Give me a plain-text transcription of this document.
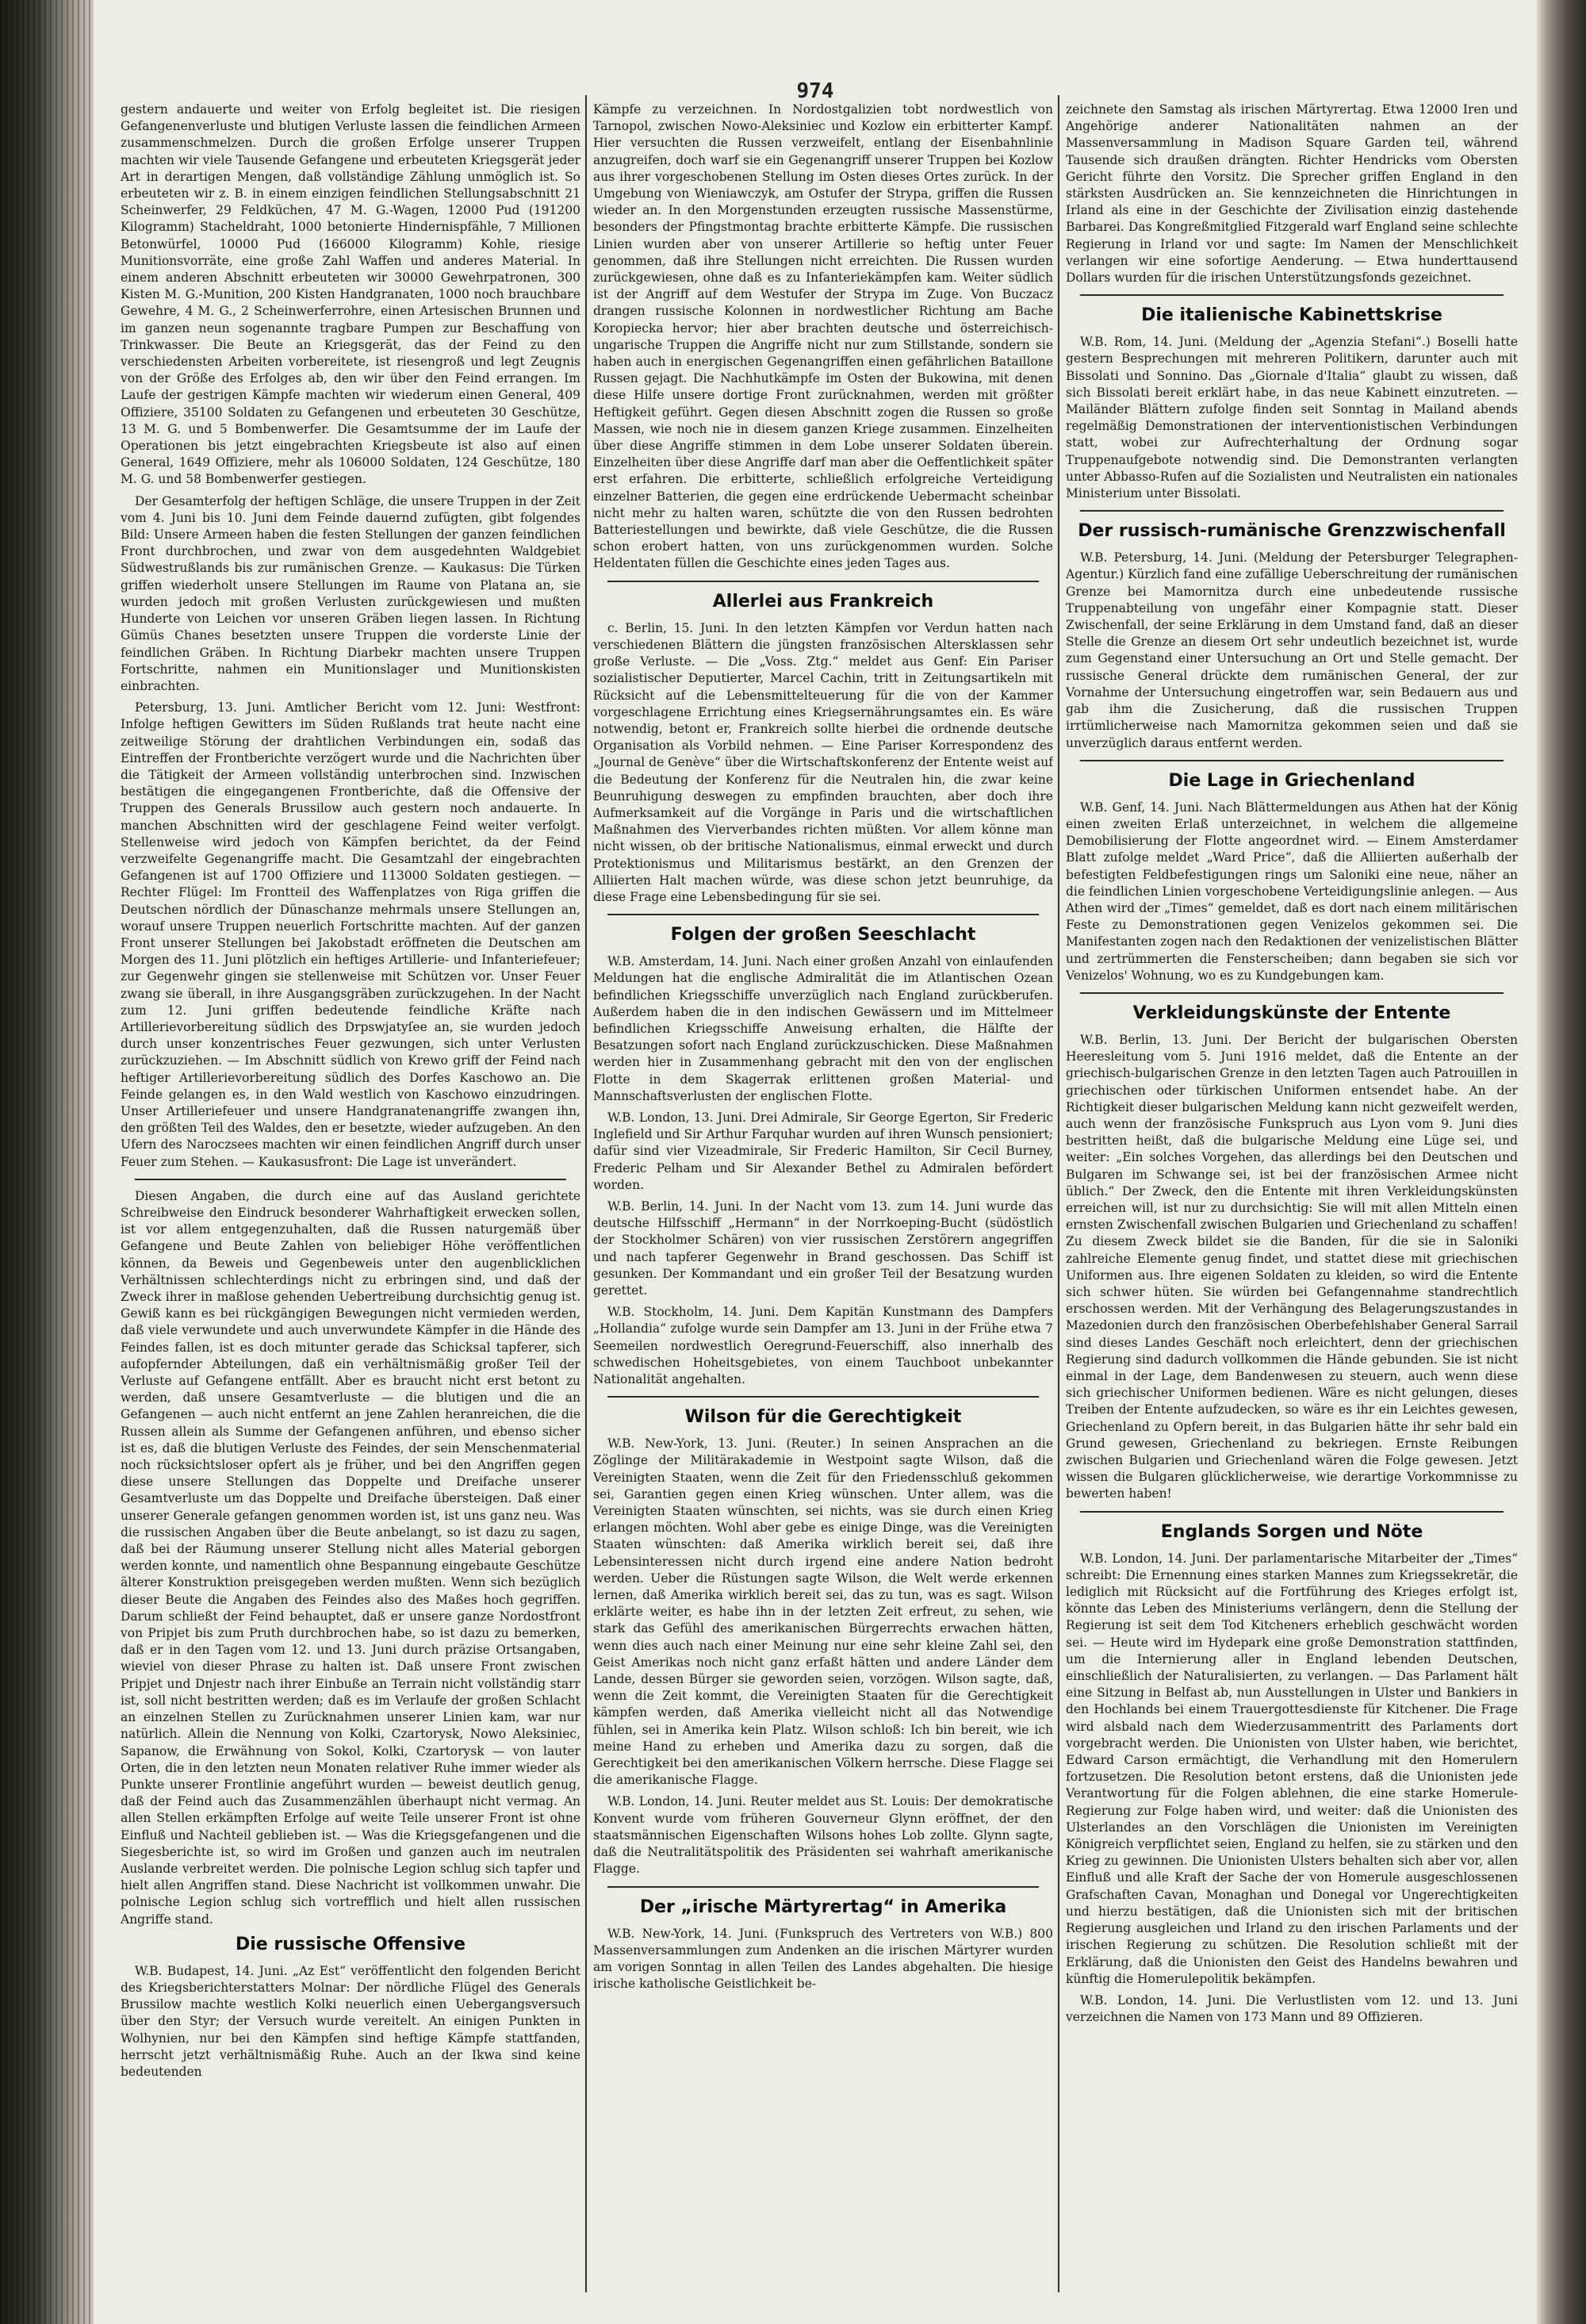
974

gestern andauerte und weiter von Erfolg begleitet ist. Die riesigen Gefangenenverluste und blutigen Verluste lassen die feindlichen Armeen zusammenschmelzen. Durch die großen Erfolge unserer Truppen machten wir viele Tausende Gefangene und erbeuteten Kriegsgerät jeder Art in derartigen Mengen, daß vollständige Zählung unmöglich ist. So erbeuteten wir z. B. in einem einzigen feindlichen Stellungsabschnitt 21 Scheinwerfer, 29 Feldküchen, 47 M. G.-Wagen, 12000 Pud (191200 Kilogramm) Stacheldraht, 1000 betonierte Hindernispfähle, 7 Millionen Betonwürfel, 10000 Pud (166000 Kilogramm) Kohle, riesige Munitionsvorräte, eine große Zahl Waffen und anderes Material. In einem anderen Abschnitt erbeuteten wir 30000 Gewehrpatronen, 300 Kisten M. G.-Munition, 200 Kisten Handgranaten, 1000 noch brauchbare Gewehre, 4 M. G., 2 Scheinwerferrohre, einen Artesischen Brunnen und im ganzen neun sogenannte tragbare Pumpen zur Beschaffung von Trinkwasser. Die Beute an Kriegsgerät, das der Feind zu den verschiedensten Arbeiten vorbereitete, ist riesengroß und legt Zeugnis von der Größe des Erfolges ab, den wir über den Feind errangen. Im Laufe der gestrigen Kämpfe machten wir wiederum einen General, 409 Offiziere, 35100 Soldaten zu Gefangenen und erbeuteten 30 Geschütze, 13 M. G. und 5 Bombenwerfer. Die Gesamtsumme der im Laufe der Operationen bis jetzt eingebrachten Kriegsbeute ist also auf einen General, 1649 Offiziere, mehr als 106000 Soldaten, 124 Geschütze, 180 M. G. und 58 Bombenwerfer gestiegen.

Der Gesamterfolg der heftigen Schläge, die unsere Truppen in der Zeit vom 4. Juni bis 10. Juni dem Feinde dauernd zufügten, gibt folgendes Bild: Unsere Armeen haben die festen Stellungen der ganzen feindlichen Front durchbrochen, und zwar von dem ausgedehnten Waldgebiet Südwestrußlands bis zur rumänischen Grenze. — Kaukasus: Die Türken griffen wiederholt unsere Stellungen im Raume von Platana an, sie wurden jedoch mit großen Verlusten zurückgewiesen und mußten Hunderte von Leichen vor unseren Gräben liegen lassen. In Richtung Gümüs Chanes besetzten unsere Truppen die vorderste Linie der feindlichen Gräben. In Richtung Diarbekr machten unsere Truppen Fortschritte, nahmen ein Munitionslager und Munitionskisten einbrachten.

Petersburg, 13. Juni. Amtlicher Bericht vom 12. Juni: Westfront: Infolge heftigen Gewitters im Süden Rußlands trat heute nacht eine zeitweilige Störung der drahtlichen Verbindungen ein, sodaß das Eintreffen der Frontberichte verzögert wurde und die Nachrichten über die Tätigkeit der Armeen vollständig unterbrochen sind. Inzwischen bestätigen die eingegangenen Frontberichte, daß die Offensive der Truppen des Generals Brussilow auch gestern noch andauerte. In manchen Abschnitten wird der geschlagene Feind weiter verfolgt. Stellenweise wird jedoch von Kämpfen berichtet, da der Feind verzweifelte Gegenangriffe macht. Die Gesamtzahl der eingebrachten Gefangenen ist auf 1700 Offiziere und 113000 Soldaten gestiegen. — Rechter Flügel: Im Frontteil des Waffenplatzes von Riga griffen die Deutschen nördlich der Dünaschanze mehrmals unsere Stellungen an, worauf unsere Truppen neuerlich Fortschritte machten. Auf der ganzen Front unserer Stellungen bei Jakobstadt eröffneten die Deutschen am Morgen des 11. Juni plötzlich ein heftiges Artillerie- und Infanteriefeuer; zur Gegenwehr gingen sie stellenweise mit Schützen vor. Unser Feuer zwang sie überall, in ihre Ausgangsgräben zurückzugehen. In der Nacht zum 12. Juni griffen bedeutende feindliche Kräfte nach Artillerievorbereitung südlich des Drpswjatyſee an, sie wurden jedoch durch unser konzentrisches Feuer gezwungen, sich unter Verlusten zurückzuziehen. — Im Abschnitt südlich von Krewo griff der Feind nach heftiger Artillerievorbereitung südlich des Dorfes Kaschowo an. Die Feinde gelangen es, in den Wald westlich von Kaschowo einzudringen. Unser Artilleriefeuer und unsere Handgranatenangriffe zwangen ihn, den größten Teil des Waldes, den er besetzte, wieder aufzugeben. An den Ufern des Naroczsees machten wir einen feindlichen Angriff durch unser Feuer zum Stehen. — Kaukasusfront: Die Lage ist unverändert.

Diesen Angaben, die durch eine auf das Ausland gerichtete Schreibweise den Eindruck besonderer Wahrhaftigkeit erwecken sollen, ist vor allem entgegenzuhalten, daß die Russen naturgemäß über Gefangene und Beute Zahlen von beliebiger Höhe veröffentlichen können, da Beweis und Gegenbeweis unter den augenblicklichen Verhältnissen schlechterdings nicht zu erbringen sind, und daß der Zweck ihrer in maßlose gehenden Uebertreibung durchsichtig genug ist. Gewiß kann es bei rückgängigen Bewegungen nicht vermieden werden, daß viele verwundete und auch unverwundete Kämpfer in die Hände des Feindes fallen, ist es doch mitunter gerade das Schicksal tapferer, sich aufopfernder Abteilungen, daß ein verhältnismäßig großer Teil der Verluste auf Gefangene entfällt. Aber es braucht nicht erst betont zu werden, daß unsere Gesamtverluste — die blutigen und die an Gefangenen — auch nicht entfernt an jene Zahlen heranreichen, die die Russen allein als Summe der Gefangenen anführen, und ebenso sicher ist es, daß die blutigen Verluste des Feindes, der sein Menschenmaterial noch rücksichtsloser opfert als je früher, und bei den Angriffen gegen diese unsere Stellungen das Doppelte und Dreifache unserer Gesamtverluste um das Doppelte und Dreifache übersteigen. Daß einer unserer Generale gefangen genommen worden ist, ist uns ganz neu. Was die russischen Angaben über die Beute anbelangt, so ist dazu zu sagen, daß bei der Räumung unserer Stellung nicht alles Material geborgen werden konnte, und namentlich ohne Bespannung eingebaute Geschütze älterer Konstruktion preisgegeben werden mußten. Wenn sich bezüglich dieser Beute die Angaben des Feindes also des Maßes hoch gegriffen. Darum schließt der Feind behauptet, daß er unsere ganze Nordostfront von Pripjet bis zum Pruth durchbrochen habe, so ist dazu zu bemerken, daß er in den Tagen vom 12. und 13. Juni durch präzise Ortsangaben, wieviel von dieser Phrase zu halten ist. Daß unsere Front zwischen Pripjet und Dnjestr nach ihrer Einbuße an Terrain nicht vollständig starr ist, soll nicht bestritten werden; daß es im Verlaufe der großen Schlacht an einzelnen Stellen zu Zurücknahmen unserer Linien kam, war nur natürlich. Allein die Nennung von Kolki, Czartorysk, Nowo Aleksiniec, Sapanow, die Erwähnung von Sokol, Kolki, Czartorysk — von lauter Orten, die in den letzten neun Monaten relativer Ruhe immer wieder als Punkte unserer Frontlinie angeführt wurden — beweist deutlich genug, daß der Feind auch das Zusammenzählen überhaupt nicht vermag. An allen Stellen erkämpften Erfolge auf weite Teile unserer Front ist ohne Einfluß und Nachteil geblieben ist. — Was die Kriegsgefangenen und die Siegesberichte ist, so wird im Großen und ganzen auch im neutralen Auslande verbreitet werden. Die polnische Legion schlug sich tapfer und hielt allen Angriffen stand. Diese Nachricht ist vollkommen unwahr. Die polnische Legion schlug sich vortrefflich und hielt allen russischen Angriffe stand.

Die russische Offensive

W.B. Budapest, 14. Juni. „Az Est“ veröffentlicht den folgenden Bericht des Kriegsberichterstatters Molnar: Der nördliche Flügel des Generals Brussilow machte westlich Kolki neuerlich einen Uebergangsversuch über den Styr; der Versuch wurde vereitelt. An einigen Punkten in Wolhynien, nur bei den Kämpfen sind heftige Kämpfe stattfanden, herrscht jetzt verhältnismäßig Ruhe. Auch an der Ikwa sind keine bedeutenden

Kämpfe zu verzeichnen. In Nordostgalizien tobt nordwestlich von Tarnopol, zwischen Nowo-Aleksiniec und Kozlow ein erbitterter Kampf. Hier versuchten die Russen verzweifelt, entlang der Eisenbahnlinie anzugreifen, doch warf sie ein Gegenangriff unserer Truppen bei Kozlow aus ihrer vorgeschobenen Stellung im Osten dieses Ortes zurück. In der Umgebung von Wieniawczyk, am Ostufer der Strypa, griffen die Russen wieder an. In den Morgenstunden erzeugten russische Massenstürme, besonders der Pfingstmontag brachte erbitterte Kämpfe. Die russischen Linien wurden aber von unserer Artillerie so heftig unter Feuer genommen, daß ihre Stellungen nicht erreichten. Die Russen wurden zurückgewiesen, ohne daß es zu Infanteriekämpfen kam. Weiter südlich ist der Angriff auf dem Westufer der Strypa im Zuge. Von Buczacz drangen russische Kolonnen in nordwestlicher Richtung am Bache Koropiecka hervor; hier aber brachten deutsche und österreichisch-ungarische Truppen die Angriffe nicht nur zum Stillstande, sondern sie haben auch in energischen Gegenangriffen einen gefährlichen Bataillone Russen gejagt. Die Nachhutkämpfe im Osten der Bukowina, mit denen diese Hilfe unsere dortige Front zurücknahmen, werden mit größter Heftigkeit geführt. Gegen diesen Abschnitt zogen die Russen so große Massen, wie noch nie in diesem ganzen Kriege zusammen. Einzelheiten über diese Angriffe stimmen in dem Lobe unserer Soldaten überein. Einzelheiten über diese Angriffe darf man aber die Oeffentlichkeit später erst erfahren. Die erbitterte, schließlich erfolgreiche Verteidigung einzelner Batterien, die gegen eine erdrückende Uebermacht scheinbar nicht mehr zu halten waren, schützte die von den Russen bedrohten Batteriestellungen und bewirkte, daß viele Geschütze, die die Russen schon erobert hatten, von uns zurückgenommen wurden. Solche Heldentaten füllen die Geschichte eines jeden Tages aus.

Allerlei aus Frankreich

c. Berlin, 15. Juni. In den letzten Kämpfen vor Verdun hatten nach verschiedenen Blättern die jüngsten französischen Altersklassen sehr große Verluste. — Die „Voss. Ztg.“ meldet aus Genf: Ein Pariser sozialistischer Deputierter, Marcel Cachin, tritt in Zeitungsartikeln mit Rücksicht auf die Lebensmittelteuerung für die von der Kammer vorgeschlagene Errichtung eines Kriegsernährungsamtes ein. Es wäre notwendig, betont er, Frankreich sollte hierbei die ordnende deutsche Organisation als Vorbild nehmen. — Eine Pariser Korrespondenz des „Journal de Genève“ über die Wirtschaftskonferenz der Entente weist auf die Bedeutung der Konferenz für die Neutralen hin, die zwar keine Beunruhigung deswegen zu empfinden brauchten, aber doch ihre Aufmerksamkeit auf die Vorgänge in Paris und die wirtschaftlichen Maßnahmen des Vierverbandes richten müßten. Vor allem könne man nicht wissen, ob der britische Nationalismus, einmal erweckt und durch Protektionismus und Militarismus bestärkt, an den Grenzen der Alliierten Halt machen würde, was diese schon jetzt beunruhige, da diese Frage eine Lebensbedingung für sie sei.

Folgen der großen Seeschlacht

W.B. Amsterdam, 14. Juni. Nach einer großen Anzahl von einlaufenden Meldungen hat die englische Admiralität die im Atlantischen Ozean befindlichen Kriegsschiffe unverzüglich nach England zurückberufen. Außerdem haben die in den indischen Gewässern und im Mittelmeer befindlichen Kriegsschiffe Anweisung erhalten, die Hälfte der Besatzungen sofort nach England zurückzuschicken. Diese Maßnahmen werden hier in Zusammenhang gebracht mit den von der englischen Flotte in dem Skagerrak erlittenen großen Material- und Mannschaftsverlusten der englischen Flotte.

W.B. London, 13. Juni. Drei Admirale, Sir George Egerton, Sir Frederic Inglefield und Sir Arthur Farquhar wurden auf ihren Wunsch pensioniert; dafür sind vier Vizeadmirale, Sir Frederic Hamilton, Sir Cecil Burney, Frederic Pelham und Sir Alexander Bethel zu Admiralen befördert worden.

W.B. Berlin, 14. Juni. In der Nacht vom 13. zum 14. Juni wurde das deutsche Hilfsschiff „Hermann“ in der Norrkoeping-Bucht (südöstlich der Stockholmer Schären) von vier russischen Zerstörern angegriffen und nach tapferer Gegenwehr in Brand geschossen. Das Schiff ist gesunken. Der Kommandant und ein großer Teil der Besatzung wurden gerettet.

W.B. Stockholm, 14. Juni. Dem Kapitän Kunstmann des Dampfers „Hollandia“ zufolge wurde sein Dampfer am 13. Juni in der Frühe etwa 7 Seemeilen nordwestlich Oeregrund-Feuerschiff, also innerhalb des schwedischen Hoheitsgebietes, von einem Tauchboot unbekannter Nationalität angehalten.

Wilson für die Gerechtigkeit

W.B. New-York, 13. Juni. (Reuter.) In seinen Ansprachen an die Zöglinge der Militärakademie in Westpoint sagte Wilson, daß die Vereinigten Staaten, wenn die Zeit für den Friedensschluß gekommen sei, Garantien gegen einen Krieg wünschen. Unter allem, was die Vereinigten Staaten wünschten, sei nichts, was sie durch einen Krieg erlangen möchten. Wohl aber gebe es einige Dinge, was die Vereinigten Staaten wünschten: daß Amerika wirklich bereit sei, daß ihre Lebensinteressen nicht durch irgend eine andere Nation bedroht werden. Ueber die Rüstungen sagte Wilson, die Welt werde erkennen lernen, daß Amerika wirklich bereit sei, das zu tun, was es sagt. Wilson erklärte weiter, es habe ihn in der letzten Zeit erfreut, zu sehen, wie stark das Gefühl des amerikanischen Bürgerrechts erwachen hätten, wenn dies auch nach einer Meinung nur eine sehr kleine Zahl sei, den Geist Amerikas noch nicht ganz erfaßt hätten und andere Länder dem Lande, dessen Bürger sie geworden seien, vorzögen. Wilson sagte, daß, wenn die Zeit kommt, die Vereinigten Staaten für die Gerechtigkeit kämpfen werden, daß Amerika vielleicht nicht all das Notwendige fühlen, sei in Amerika kein Platz. Wilson schloß: Ich bin bereit, wie ich meine Hand zu erheben und Amerika dazu zu sorgen, daß die Gerechtigkeit bei den amerikanischen Völkern herrsche. Diese Flagge sei die amerikanische Flagge.

W.B. London, 14. Juni. Reuter meldet aus St. Louis: Der demokratische Konvent wurde vom früheren Gouverneur Glynn eröffnet, der den staatsmännischen Eigenschaften Wilsons hohes Lob zollte. Glynn sagte, daß die Neutralitätspolitik des Präsidenten sei wahrhaft amerikanische Flagge.

Der „irische Märtyrertag“ in Amerika

W.B. New-York, 14. Juni. (Funkspruch des Vertreters von W.B.) 800 Massenversammlungen zum Andenken an die irischen Märtyrer wurden am vorigen Sonntag in allen Teilen des Landes abgehalten. Die hiesige irische katholische Geistlichkeit be-

zeichnete den Samstag als irischen Märtyrertag. Etwa 12000 Iren und Angehörige anderer Nationalitäten nahmen an der Massenversammlung in Madison Square Garden teil, während Tausende sich draußen drängten. Richter Hendricks vom Obersten Gericht führte den Vorsitz. Die Sprecher griffen England in den stärksten Ausdrücken an. Sie kennzeichneten die Hinrichtungen in Irland als eine in der Geschichte der Zivilisation einzig dastehende Barbarei. Das Kongreßmitglied Fitzgerald warf England seine schlechte Regierung in Irland vor und sagte: Im Namen der Menschlichkeit verlangen wir eine sofortige Aenderung. — Etwa hunderttausend Dollars wurden für die irischen Unterstützungsfonds gezeichnet.

Die italienische Kabinettskrise

W.B. Rom, 14. Juni. (Meldung der „Agenzia Stefani“.) Boselli hatte gestern Besprechungen mit mehreren Politikern, darunter auch mit Bissolati und Sonnino. Das „Giornale d'Italia“ glaubt zu wissen, daß sich Bissolati bereit erklärt habe, in das neue Kabinett einzutreten. — Mailänder Blättern zufolge finden seit Sonntag in Mailand abends regelmäßig Demonstrationen der interventionistischen Verbindungen statt, wobei zur Aufrechterhaltung der Ordnung sogar Truppenaufgebote notwendig sind. Die Demonstranten verlangten unter Abbasso-Rufen auf die Sozialisten und Neutralisten ein nationales Ministerium unter Bissolati.

Der russisch-rumänische Grenzzwischenfall

W.B. Petersburg, 14. Juni. (Meldung der Petersburger Telegraphen-Agentur.) Kürzlich fand eine zufällige Ueberschreitung der rumänischen Grenze bei Mamornitza durch eine unbedeutende russische Truppenabteilung von ungefähr einer Kompagnie statt. Dieser Zwischenfall, der seine Erklärung in dem Umstand fand, daß an dieser Stelle die Grenze an diesem Ort sehr undeutlich bezeichnet ist, wurde zum Gegenstand einer Untersuchung an Ort und Stelle gemacht. Der russische General drückte dem rumänischen General, der zur Vornahme der Untersuchung eingetroffen war, sein Bedauern aus und gab ihm die Zusicherung, daß die russischen Truppen irrtümlicherweise nach Mamornitza gekommen seien und daß sie unverzüglich daraus entfernt werden.

Die Lage in Griechenland

W.B. Genf, 14. Juni. Nach Blättermeldungen aus Athen hat der König einen zweiten Erlaß unterzeichnet, in welchem die allgemeine Demobilisierung der Flotte angeordnet wird. — Einem Amsterdamer Blatt zufolge meldet „Ward Price“, daß die Alliierten außerhalb der befestigten Feldbefestigungen rings um Saloniki eine neue, näher an die feindlichen Linien vorgeschobene Verteidigungslinie anlegen. — Aus Athen wird der „Times“ gemeldet, daß es dort nach einem militärischen Feste zu Demonstrationen gegen Venizelos gekommen sei. Die Manifestanten zogen nach den Redaktionen der venizelistischen Blätter und zertrümmerten die Fensterscheiben; dann begaben sie sich vor Venizelos' Wohnung, wo es zu Kundgebungen kam.

Verkleidungskünste der Entente

W.B. Berlin, 13. Juni. Der Bericht der bulgarischen Obersten Heeresleitung vom 5. Juni 1916 meldet, daß die Entente an der griechisch-bulgarischen Grenze in den letzten Tagen auch Patrouillen in griechischen oder türkischen Uniformen entsendet habe. An der Richtigkeit dieser bulgarischen Meldung kann nicht gezweifelt werden, auch wenn der französische Funkspruch aus Lyon vom 9. Juni dies bestritten heißt, daß die bulgarische Meldung eine Lüge sei, und weiter: „Ein solches Vorgehen, das allerdings bei den Deutschen und Bulgaren im Schwange sei, ist bei der französischen Armee nicht üblich.“ Der Zweck, den die Entente mit ihren Verkleidungskünsten erreichen will, ist nur zu durchsichtig: Sie will mit allen Mitteln einen ernsten Zwischenfall zwischen Bulgarien und Griechenland zu schaffen! Zu diesem Zweck bildet sie die Banden, für die sie in Saloniki zahlreiche Elemente genug findet, und stattet diese mit griechischen Uniformen aus. Ihre eigenen Soldaten zu kleiden, so wird die Entente sich schwer hüten. Sie würden bei Gefangennahme standrechtlich erschossen werden. Mit der Verhängung des Belagerungszustandes in Mazedonien durch den französischen Oberbefehlshaber General Sarrail sind dieses Landes Geschäft noch erleichtert, denn der griechischen Regierung sind dadurch vollkommen die Hände gebunden. Sie ist nicht einmal in der Lage, dem Bandenwesen zu steuern, auch wenn diese sich griechischer Uniformen bedienen. Wäre es nicht gelungen, dieses Treiben der Entente aufzudecken, so wäre es ihr ein Leichtes gewesen, Griechenland zu Opfern bereit, in das Bulgarien hätte ihr sehr bald ein Grund gewesen, Griechenland zu bekriegen. Ernste Reibungen zwischen Bulgarien und Griechenland wären die Folge gewesen. Jetzt wissen die Bulgaren glücklicherweise, wie derartige Vorkommnisse zu bewerten haben!

Englands Sorgen und Nöte

W.B. London, 14. Juni. Der parlamentarische Mitarbeiter der „Times“ schreibt: Die Ernennung eines starken Mannes zum Kriegssekretär, die lediglich mit Rücksicht auf die Fortführung des Krieges erfolgt ist, könnte das Leben des Ministeriums verlängern, denn die Stellung der Regierung ist seit dem Tod Kitcheners erheblich geschwächt worden sei. — Heute wird im Hydepark eine große Demonstration stattfinden, um die Internierung aller in England lebenden Deutschen, einschließlich der Naturalisierten, zu verlangen. — Das Parlament hält eine Sitzung in Belfast ab, nun Ausstellungen in Ulster und Bankiers in den Hochlands bei einem Trauergottesdienste für Kitchener. Die Frage wird alsbald nach dem Wiederzusammentritt des Parlaments dort vorgebracht werden. Die Unionisten von Ulster haben, wie berichtet, Edward Carson ermächtigt, die Verhandlung mit den Homerulern fortzusetzen. Die Resolution betont erstens, daß die Unionisten jede Verantwortung für die Folgen ablehnen, die eine starke Homerule-Regierung zur Folge haben wird, und weiter: daß die Unionisten des Ulsterlandes an den Vorschlägen die Unionisten im Vereinigten Königreich verpflichtet seien, England zu helfen, sie zu stärken und den Krieg zu gewinnen. Die Unionisten Ulsters behalten sich aber vor, allen Einfluß und alle Kraft der Sache der von Homerule ausgeschlossenen Grafschaften Cavan, Monaghan und Donegal vor Ungerechtigkeiten und hierzu bestätigen, daß die Unionisten sich mit der britischen Regierung ausgleichen und Irland zu den irischen Parlaments und der irischen Regierung zu schützen. Die Resolution schließt mit der Erklärung, daß die Unionisten den Geist des Handelns bewahren und künftig die Homerulepolitik bekämpfen.

W.B. London, 14. Juni. Die Verlustlisten vom 12. und 13. Juni verzeichnen die Namen von 173 Mann und 89 Offizieren.
